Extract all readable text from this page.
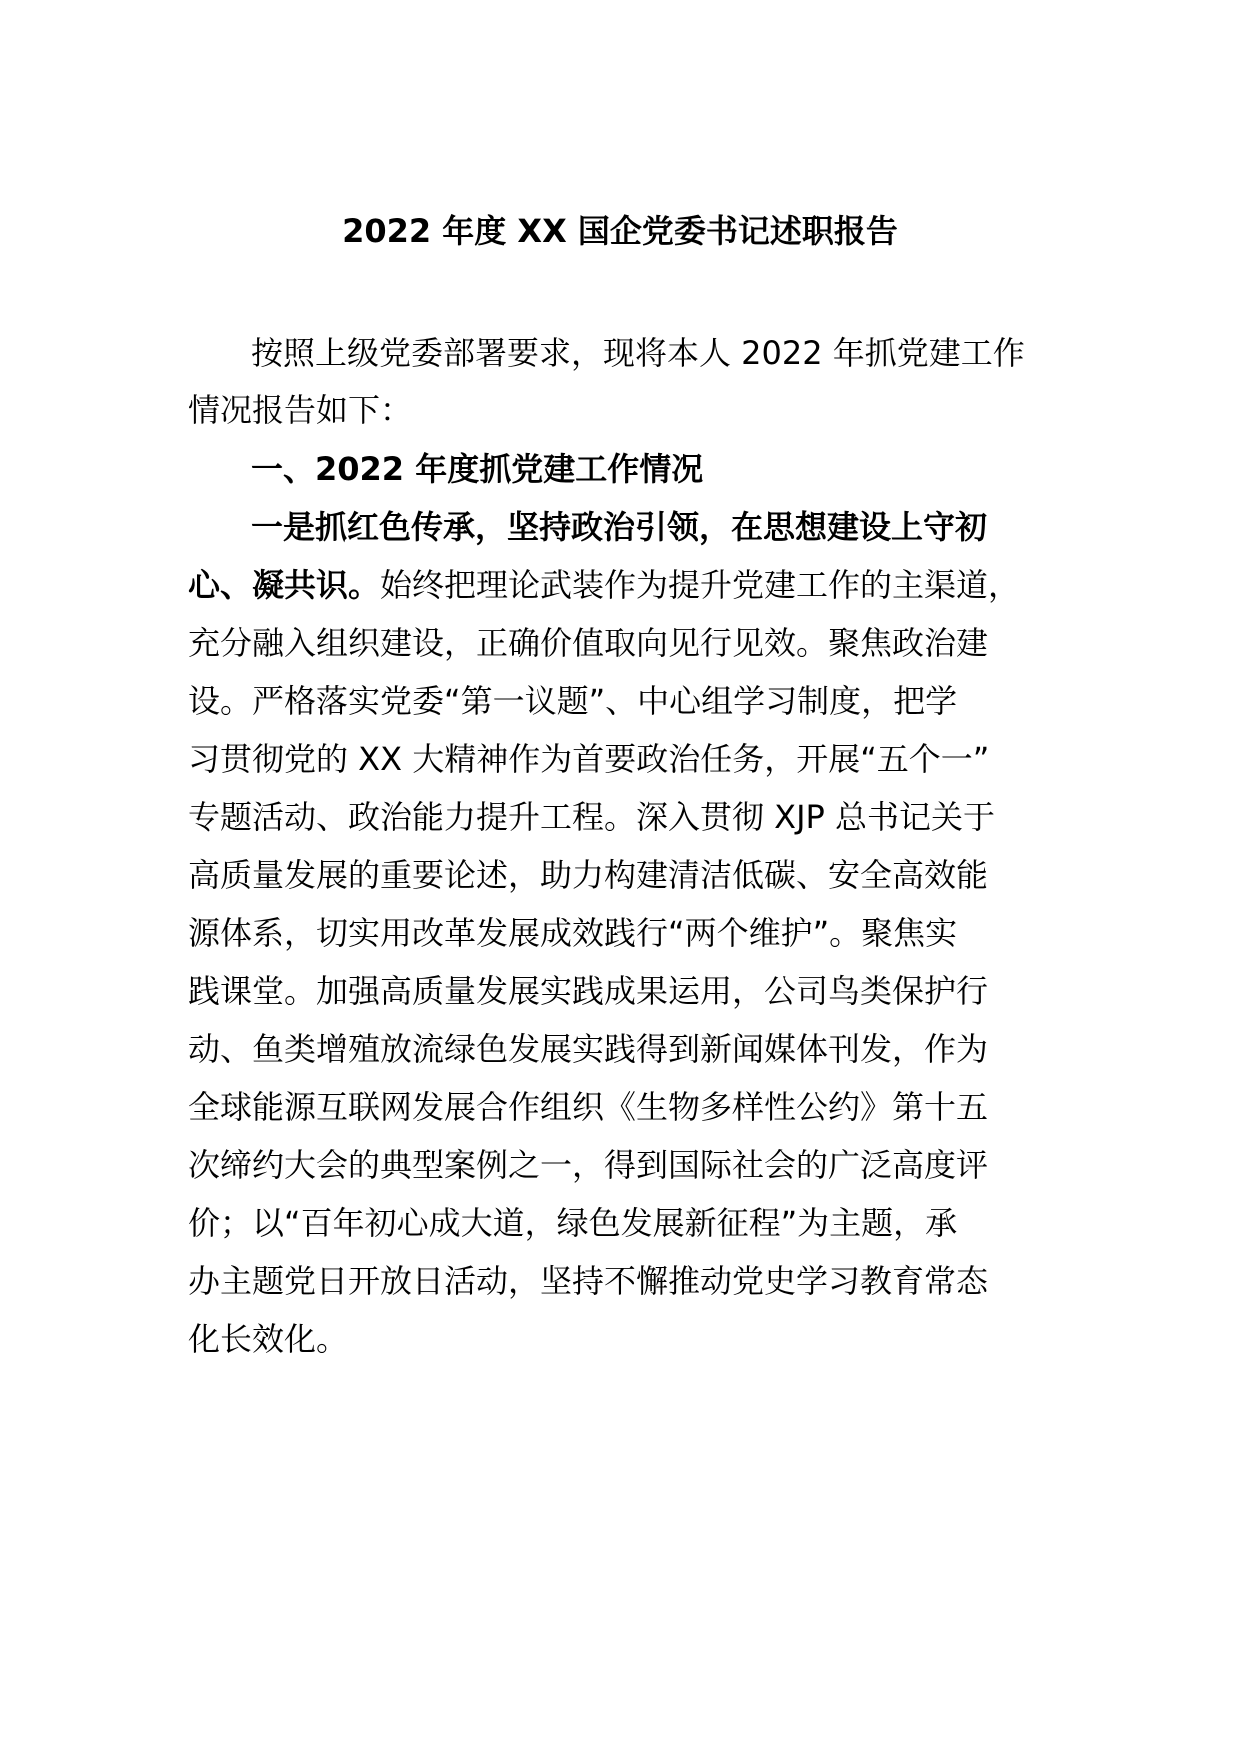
2022 年度 XX 国企党委书记述职报告

按照上级党委部署要求，现将本人 2022 年抓党建工作

情况报告如下：

一、2022 年度抓党建工作情况

一是抓红色传承，坚持政治引领，在思想建设上守初

心、凝共识。始终把理论武装作为提升党建工作的主渠道，

充分融入组织建设，正确价值取向见行见效。聚焦政治建

设。严格落实党委“第一议题”、中心组学习制度，把学

习贯彻党的 XX 大精神作为首要政治任务，开展“五个一”

专题活动、政治能力提升工程。深入贯彻 XJP 总书记关于

高质量发展的重要论述，助力构建清洁低碳、安全高效能

源体系，切实用改革发展成效践行“两个维护”。聚焦实

践课堂。加强高质量发展实践成果运用，公司鸟类保护行

动、鱼类增殖放流绿色发展实践得到新闻媒体刊发，作为

全球能源互联网发展合作组织《生物多样性公约》第十五

次缔约大会的典型案例之一，得到国际社会的广泛高度评

价；以“百年初心成大道，绿色发展新征程”为主题，承

办主题党日开放日活动，坚持不懈推动党史学习教育常态

化长效化。
